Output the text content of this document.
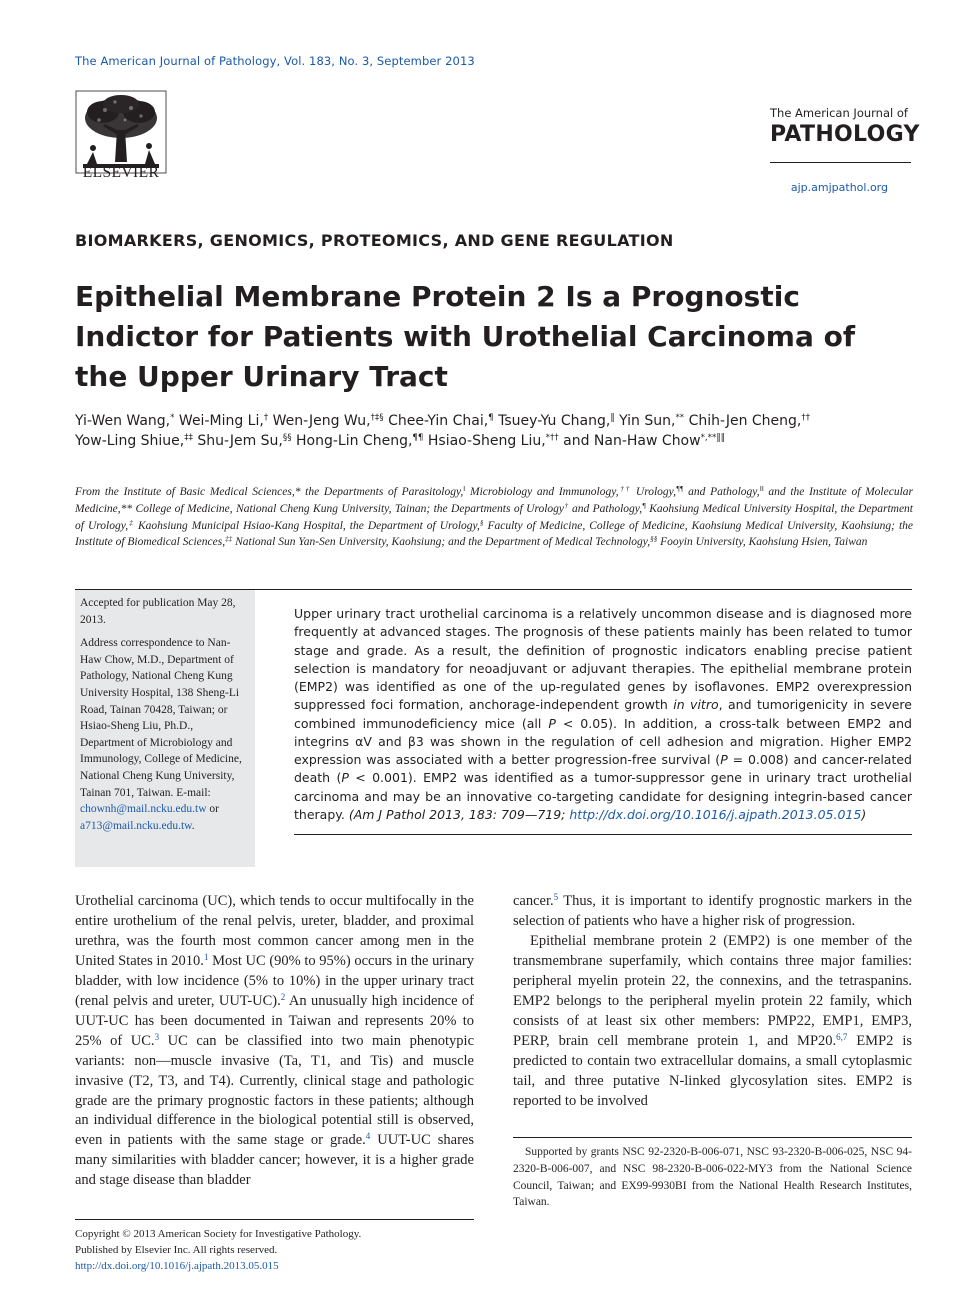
The American Journal of Pathology, Vol. 183, No. 3, September 2013
ELSEVIER
The American Journal of
PATHOLOGY
ajp.amjpathol.org
BIOMARKERS, GENOMICS, PROTEOMICS, AND GENE REGULATION
Epithelial Membrane Protein 2 Is a Prognostic Indictor for Patients with Urothelial Carcinoma of the Upper Urinary Tract
Yi-Wen Wang,* Wei-Ming Li,† Wen-Jeng Wu,†‡§ Chee-Yin Chai,¶ Tsuey-Yu Chang,‖ Yin Sun,** Chih-Jen Cheng,††
Yow-Ling Shiue,‡‡ Shu-Jem Su,§§ Hong-Lin Cheng,¶¶ Hsiao-Sheng Liu,*†† and Nan-Haw Chow*,**‖‖
From the Institute of Basic Medical Sciences,* the Departments of Parasitology,‖ Microbiology and Immunology,†† Urology,¶¶ and Pathology,‖‖ and the Institute of Molecular Medicine,** College of Medicine, National Cheng Kung University, Tainan; the Departments of Urology† and Pathology,¶ Kaohsiung Medical University Hospital, the Department of Urology,‡ Kaohsiung Municipal Hsiao-Kang Hospital, the Department of Urology,§ Faculty of Medicine, College of Medicine, Kaohsiung Medical University, Kaohsiung; the Institute of Biomedical Sciences,‡‡ National Sun Yan-Sen University, Kaohsiung; and the Department of Medical Technology,§§ Fooyin University, Kaohsiung Hsien, Taiwan

Accepted for publication May 28, 2013.

Address correspondence to Nan-Haw Chow, M.D., Department of Pathology, National Cheng Kung University Hospital, 138 Sheng-Li Road, Tainan 70428, Taiwan; or Hsiao-Sheng Liu, Ph.D., Department of Microbiology and Immunology, College of Medicine, National Cheng Kung University, Tainan 701, Taiwan. E-mail: chownh@mail.ncku.edu.tw or a713@mail.ncku.edu.tw.

Upper urinary tract urothelial carcinoma is a relatively uncommon disease and is diagnosed more frequently at advanced stages. The prognosis of these patients mainly has been related to tumor stage and grade. As a result, the definition of prognostic indicators enabling precise patient selection is mandatory for neoadjuvant or adjuvant therapies. The epithelial membrane protein (EMP2) was identified as one of the up-regulated genes by isoflavones. EMP2 overexpression suppressed foci formation, anchorage-independent growth in vitro, and tumorigenicity in severe combined immunodeficiency mice (all P < 0.05). In addition, a cross-talk between EMP2 and integrins αV and β3 was shown in the regulation of cell adhesion and migration. Higher EMP2 expression was associated with a better progression-free survival (P = 0.008) and cancer-related death (P < 0.001). EMP2 was identified as a tumor-suppressor gene in urinary tract urothelial carcinoma and may be an innovative co-targeting candidate for designing integrin-based cancer therapy. (Am J Pathol 2013, 183: 709—719; http://dx.doi.org/10.1016/j.ajpath.2013.05.015)
Urothelial carcinoma (UC), which tends to occur multifocally in the entire urothelium of the renal pelvis, ureter, bladder, and proximal urethra, was the fourth most common cancer among men in the United States in 2010.$^1$ Most UC (90% to 95%) occurs in the urinary bladder, with low incidence (5% to 10%) in the upper urinary tract (renal pelvis and ureter, UUT-UC).$^2$ An unusually high incidence of UUT-UC has been documented in Taiwan and represents 20% to 25% of UC.$^3$ UC can be classified into two main phenotypic variants: non—muscle invasive (Ta, T1, and Tis) and muscle invasive (T2, T3, and T4). Currently, clinical stage and pathologic grade are the primary prognostic factors in these patients; although an individual difference in the biological potential still is observed, even in patients with the same stage or grade.$^4$ UUT-UC shares many similarities with bladder cancer; however, it is a higher grade and stage disease than bladder
cancer.$^5$ Thus, it is important to identify prognostic markers in the selection of patients who have a higher risk of progression.
Epithelial membrane protein 2 (EMP2) is one member of the transmembrane superfamily, which contains three major families: peripheral myelin protein 22, the connexins, and the tetraspanins. EMP2 belongs to the peripheral myelin protein 22 family, which consists of at least six other members: PMP22, EMP1, EMP3, PERP, brain cell membrane protein 1, and MP20.$^{6,7}$ EMP2 is predicted to contain two extracellular domains, a small cytoplasmic tail, and three putative N-linked glycosylation sites. EMP2 is reported to be involved
Supported by grants NSC 92-2320-B-006-071, NSC 93-2320-B-006-025, NSC 94-2320-B-006-007, and NSC 98-2320-B-006-022-MY3 from the National Science Council, Taiwan; and EX99-9930BI from the National Health Research Institutes, Taiwan.
Copyright © 2013 American Society for Investigative Pathology.
Published by Elsevier Inc. All rights reserved.
http://dx.doi.org/10.1016/j.ajpath.2013.05.015
